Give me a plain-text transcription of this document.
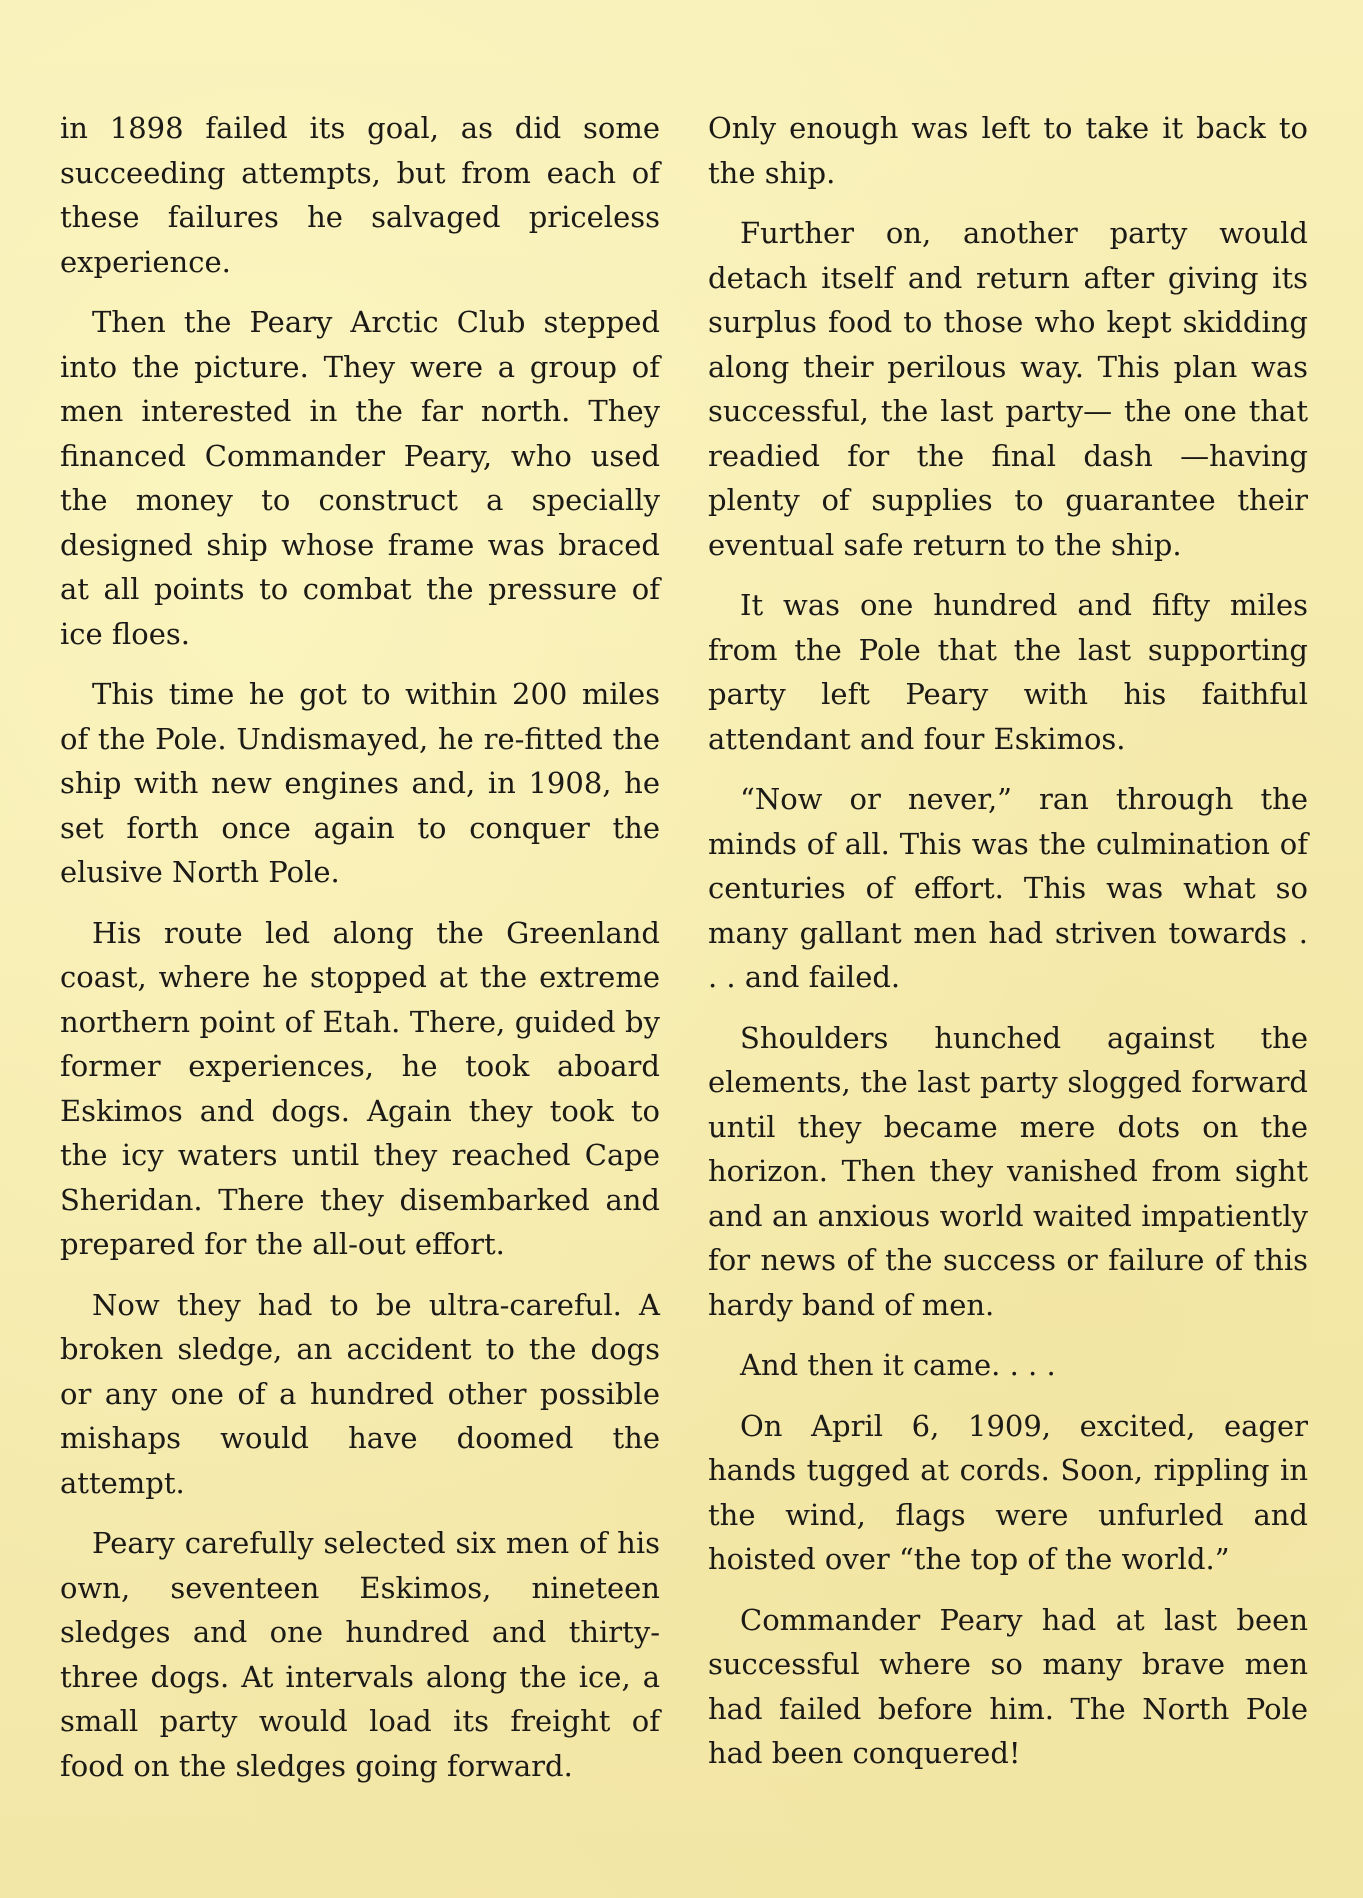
in 1898 failed its goal, as did some succeeding attempts, but from each of these failures he salvaged priceless experience.

Then the Peary Arctic Club stepped into the picture. They were a group of men interested in the far north. They financed Commander Peary, who used the money to construct a specially designed ship whose frame was braced at all points to combat the pressure of ice floes.

This time he got to within 200 miles of the Pole. Undismayed, he re-fitted the ship with new engines and, in 1908, he set forth once again to conquer the elusive North Pole.

His route led along the Greenland coast, where he stopped at the extreme northern point of Etah. There, guided by former experiences, he took aboard Eskimos and dogs. Again they took to the icy waters until they reached Cape Sheridan. There they disembarked and prepared for the all-out effort.

Now they had to be ultra-careful. A broken sledge, an accident to the dogs or any one of a hundred other possible mishaps would have doomed the attempt.

Peary carefully selected six men of his own, seventeen Eskimos, nineteen sledges and one hundred and thirty-three dogs. At intervals along the ice, a small party would load its freight of food on the sledges going forward.

Only enough was left to take it back to the ship.

Further on, another party would detach itself and return after giving its surplus food to those who kept skidding along their perilous way. This plan was successful, the last party— the one that readied for the final dash —having plenty of supplies to guarantee their eventual safe return to the ship.

It was one hundred and fifty miles from the Pole that the last supporting party left Peary with his faithful attendant and four Eskimos.

“Now or never,” ran through the minds of all. This was the culmination of centuries of effort. This was what so many gallant men had striven towards . . . and failed.

Shoulders hunched against the elements, the last party slogged forward until they became mere dots on the horizon. Then they vanished from sight and an anxious world waited impatiently for news of the success or failure of this hardy band of men.

And then it came. . . .

On April 6, 1909, excited, eager hands tugged at cords. Soon, rippling in the wind, flags were unfurled and hoisted over “the top of the world.”

Commander Peary had at last been successful where so many brave men had failed before him. The North Pole had been conquered!
